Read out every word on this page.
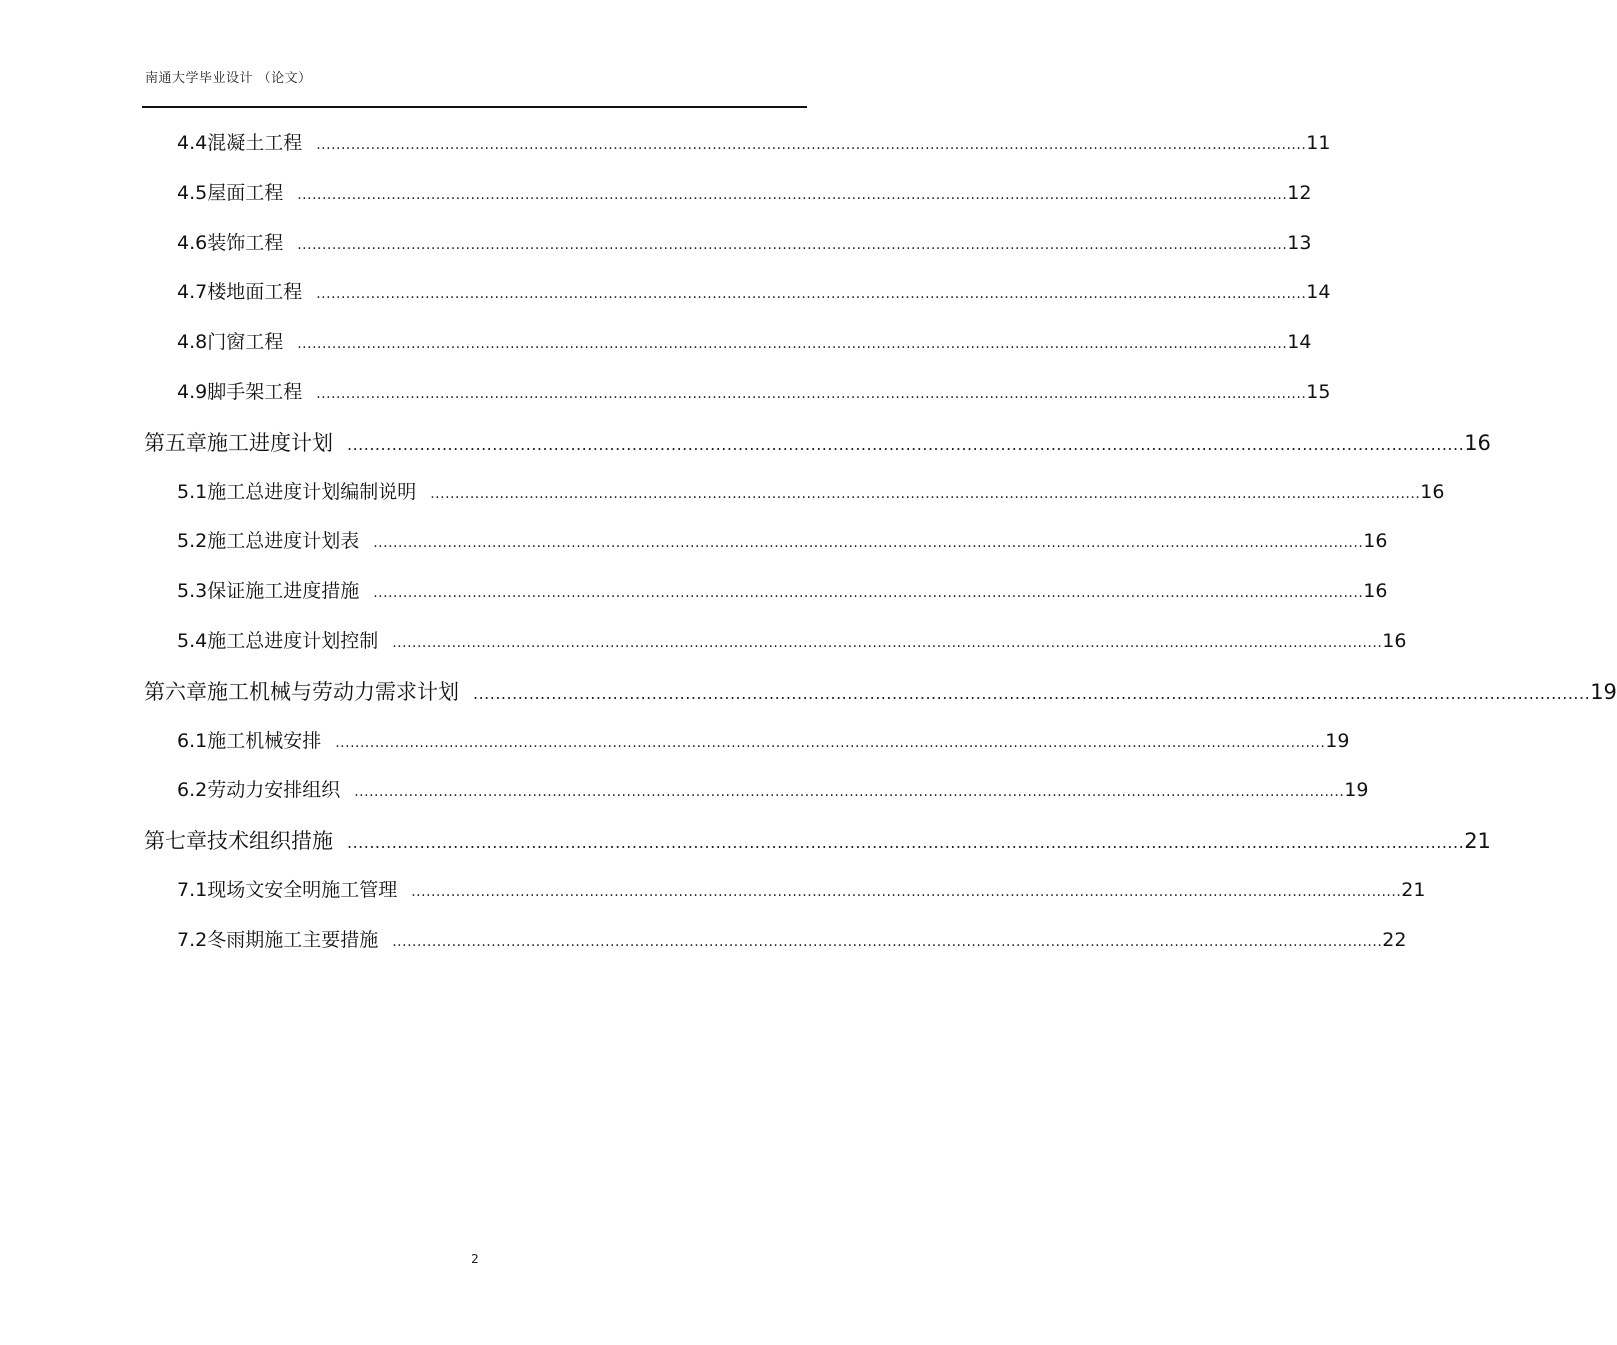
南通大学毕业设计 （论文）
4.4 混凝土工程	........................................................................................................................................................................................................ 11
4.5 屋面工程	........................................................................................................................................................................................................ 12
4.6 装饰工程	........................................................................................................................................................................................................ 13
4.7 楼地面工程	........................................................................................................................................................................................................ 14
4.8 门窗工程	........................................................................................................................................................................................................ 14
4.9 脚手架工程	........................................................................................................................................................................................................ 15
第五章 施工进度计划 ........................................................................................................................................................................................................ 16
5.1 施工总进度计划编制说明	........................................................................................................................................................................................................ 16
5.2 施工总进度计划表	........................................................................................................................................................................................................ 16
5.3 保证施工进度措施	........................................................................................................................................................................................................ 16
5.4 施工总进度计划控制	........................................................................................................................................................................................................ 16
第六章 施工机械与劳动力需求计划 ........................................................................................................................................................................................................ 19
6.1 施工机械安排	........................................................................................................................................................................................................ 19
6.2 劳动力安排组织	........................................................................................................................................................................................................ 19
第七章 技术组织措施 ........................................................................................................................................................................................................ 21
7.1 现场文安全明施工管理	........................................................................................................................................................................................................ 21
7.2 冬雨期施工主要措施	........................................................................................................................................................................................................ 22
2
